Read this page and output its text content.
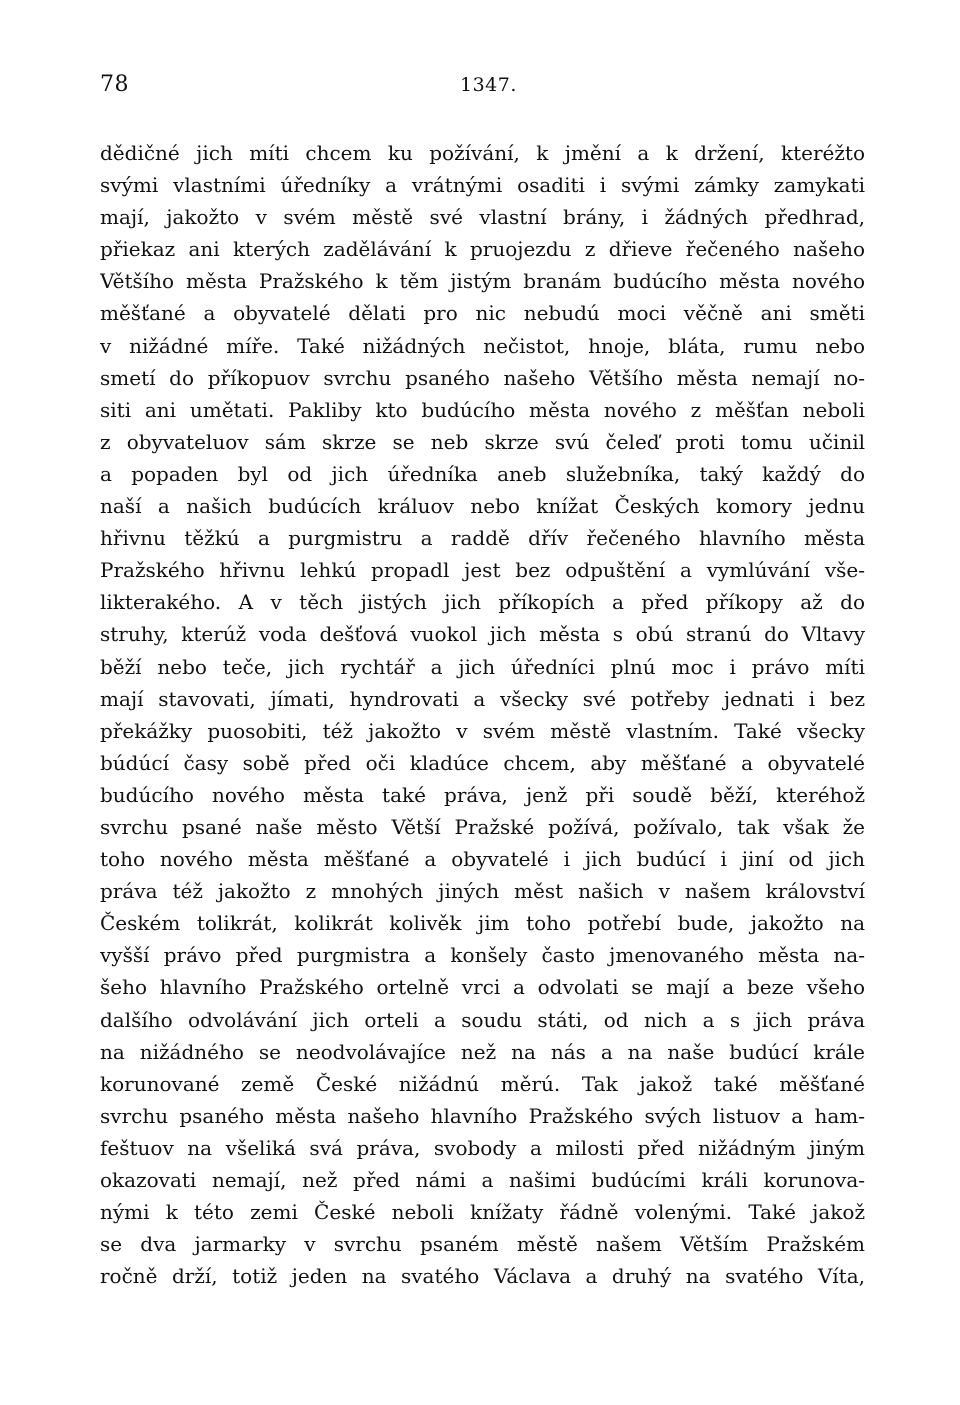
78	1347.
dědičné jich míti chcem ku požívání, k jmění a k držení, kteréžto
svými vlastními úředníky a vrátnými osaditi i svými zámky zamykati
mají, jakožto v svém městě své vlastní brány, i žádných předhrad,
přiekaz ani kterých zadělávání k pruojezdu z dřieve řečeného našeho
Většího města Pražského k těm jistým branám budúcího města nového
měšťané a obyvatelé dělati pro nic nebudú moci věčně ani směti
v nižádné míře. Také nižádných nečistot, hnoje, bláta, rumu nebo
smetí do příkopuov svrchu psaného našeho Většího města nemají no-
siti ani umětati. Pakliby kto budúcího města nového z měšťan neboli
z obyvateluov sám skrze se neb skrze svú čeleď proti tomu učinil
a popaden byl od jich úředníka aneb služebníka, taký každý do
naší a našich budúcích králuov nebo knížat Českých komory jednu
hřivnu těžkú a purgmistru a raddě dřív řečeného hlavního města
Pražského hřivnu lehkú propadl jest bez odpuštění a vymlúvání vše-
likterakého. A v těch jistých jich příkopích a před příkopy až do
struhy, kterúž voda dešťová vuokol jich města s obú stranú do Vltavy
běží nebo teče, jich rychtář a jich úředníci plnú moc i právo míti
mají stavovati, jímati, hyndrovati a všecky své potřeby jednati i bez
překážky puosobiti, též jakožto v svém městě vlastním. Také všecky
búdúcí časy sobě před oči kladúce chcem, aby měšťané a obyvatelé
budúcího nového města také práva, jenž při soudě běží, kteréhož
svrchu psané naše město Větší Pražské požívá, požívalo, tak však že
toho nového města měšťané a obyvatelé i jich budúcí i jiní od jich
práva též jakožto z mnohých jiných měst našich v našem království
Českém tolikrát, kolikrát kolivěk jim toho potřebí bude, jakožto na
vyšší právo před purgmistra a konšely často jmenovaného města na-
šeho hlavního Pražského ortelně vrci a odvolati se mají a beze všeho
dalšího odvolávání jich orteli a soudu státi, od nich a s jich práva
na nižádného se neodvolávajíce než na nás a na naše budúcí krále
korunované země České nižádnú měrú. Tak jakož také měšťané
svrchu psaného města našeho hlavního Pražského svých listuov a ham-
feštuov na všeliká svá práva, svobody a milosti před nižádným jiným
okazovati nemají, než před námi a našimi budúcími králi korunova-
nými k této zemi České neboli knížaty řádně volenými. Také jakož
se dva jarmarky v svrchu psaném městě našem Větším Pražském
ročně drží, totiž jeden na svatého Václava a druhý na svatého Víta,
